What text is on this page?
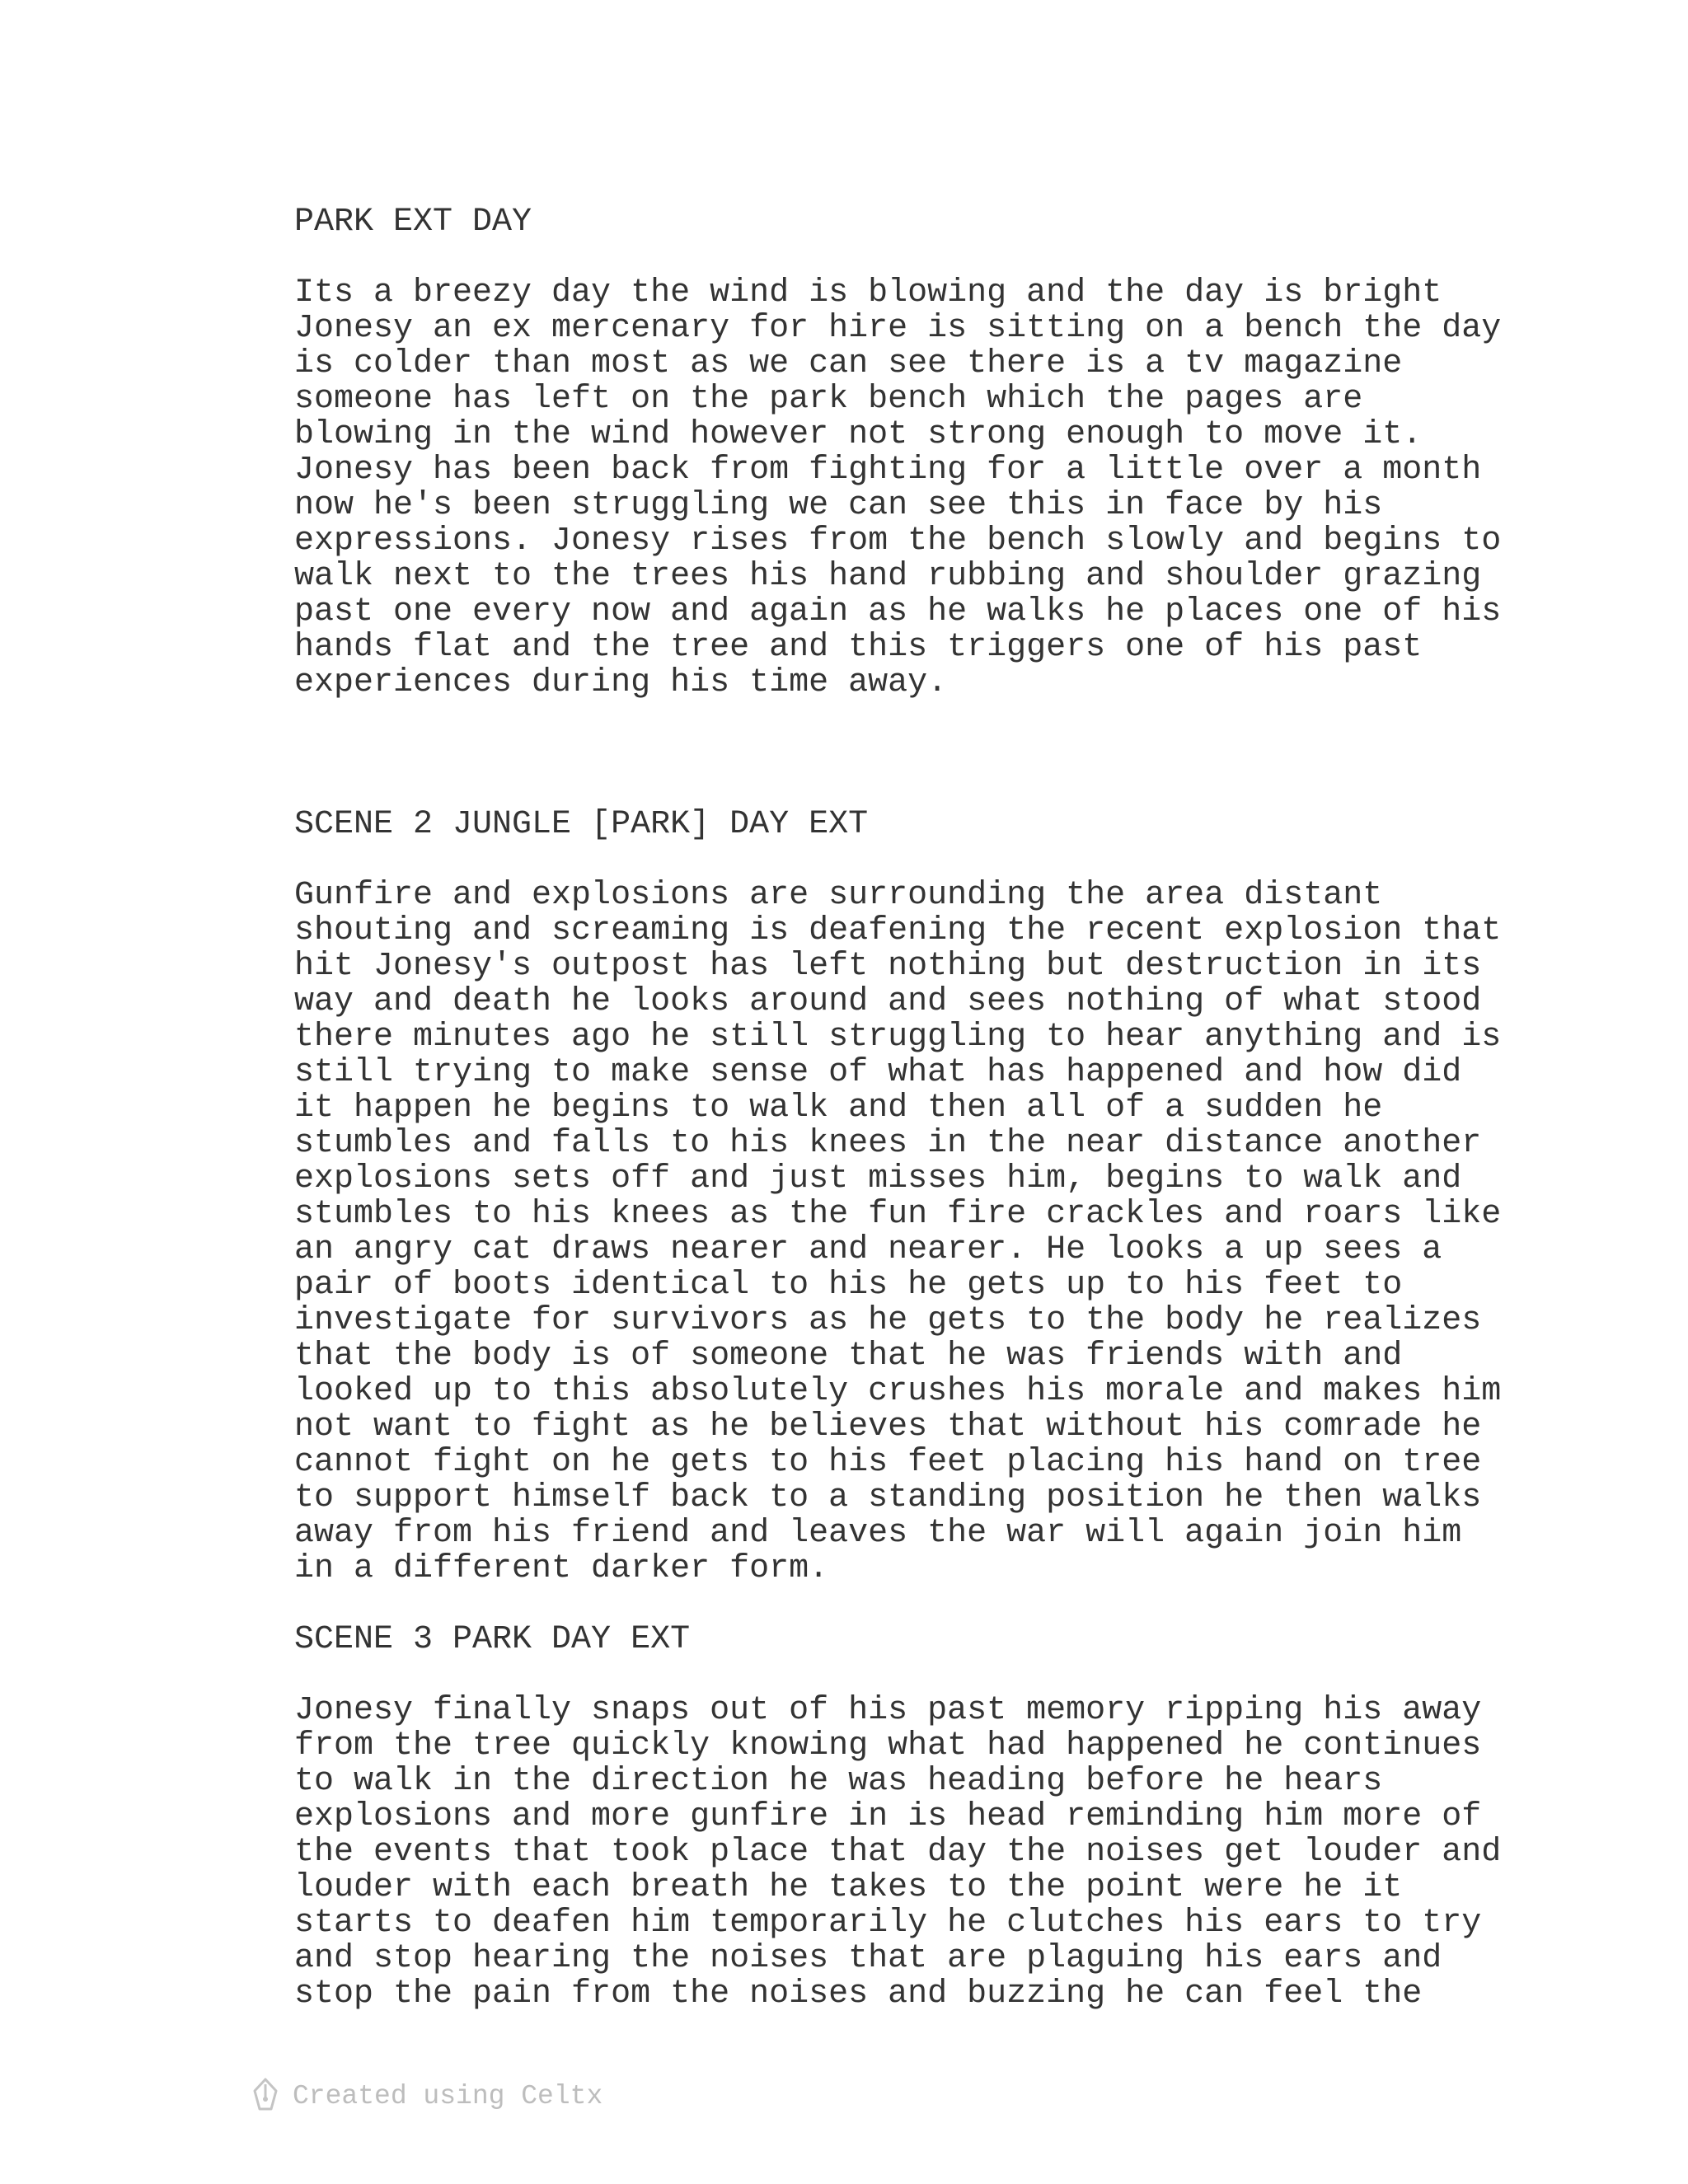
PARK EXT DAY

Its a breezy day the wind is blowing and the day is bright
Jonesy an ex mercenary for hire is sitting on a bench the day
is colder than most as we can see there is a tv magazine
someone has left on the park bench which the pages are
blowing in the wind however not strong enough to move it.
Jonesy has been back from fighting for a little over a month
now he's been struggling we can see this in face by his
expressions. Jonesy rises from the bench slowly and begins to
walk next to the trees his hand rubbing and shoulder grazing
past one every now and again as he walks he places one of his
hands flat and the tree and this triggers one of his past
experiences during his time away.

SCENE 2 JUNGLE [PARK] DAY EXT

Gunfire and explosions are surrounding the area distant
shouting and screaming is deafening the recent explosion that
hit Jonesy's outpost has left nothing but destruction in its
way and death he looks around and sees nothing of what stood
there minutes ago he still struggling to hear anything and is
still trying to make sense of what has happened and how did
it happen he begins to walk and then all of a sudden he
stumbles and falls to his knees in the near distance another
explosions sets off and just misses him, begins to walk and
stumbles to his knees as the fun fire crackles and roars like
an angry cat draws nearer and nearer. He looks a up sees a
pair of boots identical to his he gets up to his feet to
investigate for survivors as he gets to the body he realizes
that the body is of someone that he was friends with and
looked up to this absolutely crushes his morale and makes him
not want to fight as he believes that without his comrade he
cannot fight on he gets to his feet placing his hand on tree
to support himself back to a standing position he then walks
away from his friend and leaves the war will again join him
in a different darker form.

SCENE 3 PARK DAY EXT

Jonesy finally snaps out of his past memory ripping his away
from the tree quickly knowing what had happened he continues
to walk in the direction he was heading before he hears
explosions and more gunfire in is head reminding him more of
the events that took place that day the noises get louder and
louder with each breath he takes to the point were he it
starts to deafen him temporarily he clutches his ears to try
and stop hearing the noises that are plaguing his ears and
stop the pain from the noises and buzzing he can feel the

Created using Celtx
